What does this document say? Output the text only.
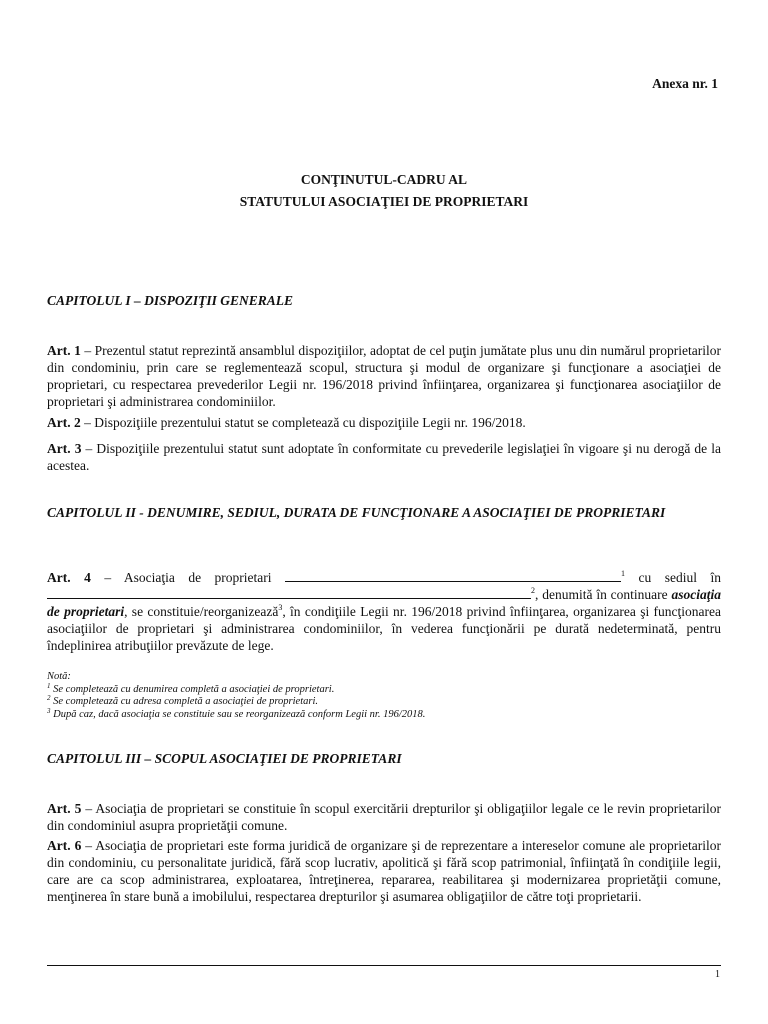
Anexa nr. 1
CONŢINUTUL-CADRU AL
STATUTULUI ASOCIAŢIEI DE PROPRIETARI
CAPITOLUL I – DISPOZIŢII GENERALE
Art. 1 – Prezentul statut reprezintă ansamblul dispoziţiilor, adoptat de cel puţin jumătate plus unu din numărul proprietarilor din condominiu, prin care se reglementează scopul, structura şi modul de organizare şi funcţionare a asociaţiei de proprietari, cu respectarea prevederilor Legii nr. 196/2018 privind înfiinţarea, organizarea şi funcţionarea asociaţiilor de proprietari şi administrarea condominiilor.
Art. 2 – Dispoziţiile prezentului statut se completează cu dispoziţiile Legii nr. 196/2018.
Art. 3 – Dispoziţiile prezentului statut sunt adoptate în conformitate cu prevederile legislaţiei în vigoare şi nu derogă de la acestea.
CAPITOLUL II - DENUMIRE, SEDIUL, DURATA DE FUNCŢIONARE A ASOCIAŢIEI DE PROPRIETARI
Art. 4 – Asociaţia de proprietari	$^1$ cu sediul în $^2$, denumită în continuare asociaţia de proprietari, se constituie/reorganizează$^3$, în condiţiile Legii nr. 196/2018 privind înfiinţarea, organizarea şi funcţionarea asociaţiilor de proprietari şi administrarea condominiilor, în vederea funcţionării pe durată nedeterminată, pentru îndeplinirea atribuţiilor prevăzute de lege.
Notă:
$^1$ Se completează cu denumirea completă a asociaţiei de proprietari.
$^2$ Se completează cu adresa completă a asociaţiei de proprietari.
$^3$ După caz, dacă asociaţia se constituie sau se reorganizează conform Legii nr. 196/2018.
CAPITOLUL III – SCOPUL ASOCIAŢIEI DE PROPRIETARI
Art. 5 – Asociaţia de proprietari se constituie în scopul exercitării drepturilor şi obligaţiilor legale ce le revin proprietarilor din condominiul asupra proprietăţii comune.
Art. 6 – Asociaţia de proprietari este forma juridică de organizare şi de reprezentare a intereselor comune ale proprietarilor din condominiu, cu personalitate juridică, fără scop lucrativ, apolitică şi fără scop patrimonial, înfiinţată în condiţiile legii, care are ca scop administrarea, exploatarea, întreţinerea, repararea, reabilitarea şi modernizarea proprietăţii comune, menţinerea în stare bună a imobilului, respectarea drepturilor şi asumarea obligaţiilor de către toţi proprietarii.
1
